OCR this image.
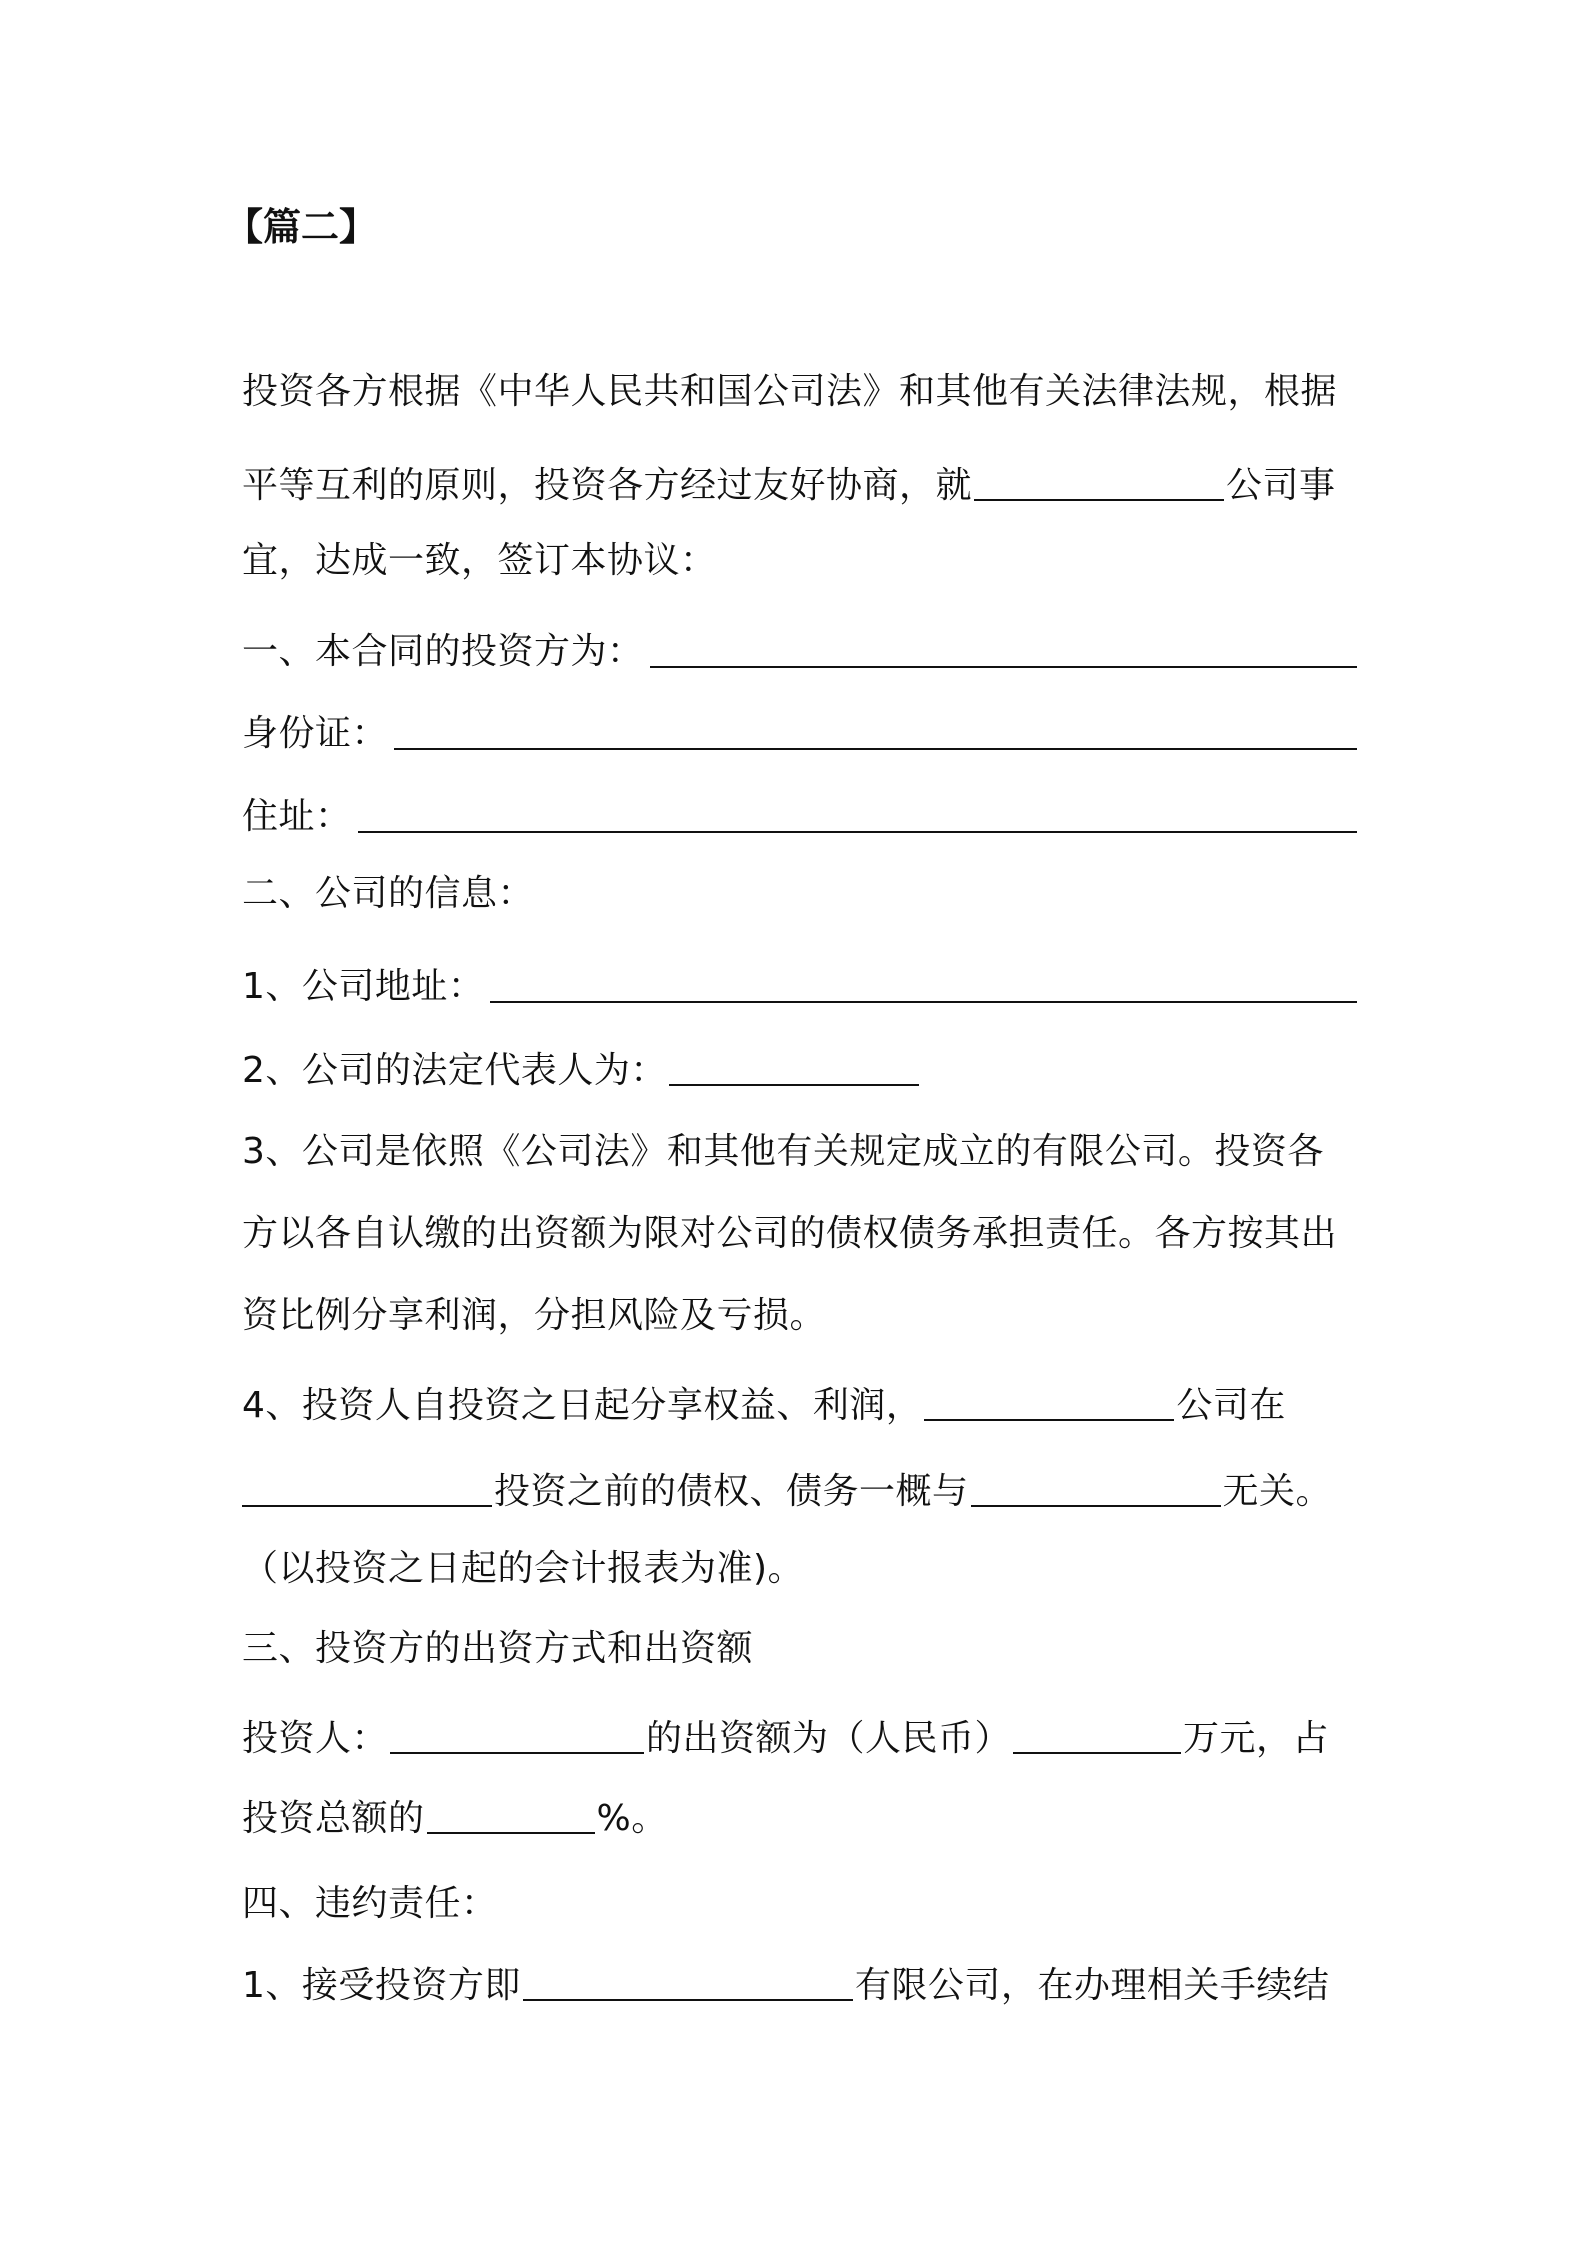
【篇二】
投资各方根据《中华人民共和国公司法》和其他有关法律法规，根据
平等互利的原则，投资各方经过友好协商，就	公司事
宜，达成一致，签订本协议：
一、本合同的投资方为：
身份证：
住址：
二、公司的信息：
1、公司地址：
2、公司的法定代表人为：
3、公司是依照《公司法》和其他有关规定成立的有限公司。投资各
方以各自认缴的出资额为限对公司的债权债务承担责任。各方按其出
资比例分享利润，分担风险及亏损。
4、投资人自投资之日起分享权益、利润，	公司在
投资之前的债权、债务一概与	无关。
（以投资之日起的会计报表为准)。
三、投资方的出资方式和出资额
投资人：	的出资额为（人民币）	万元，占
投资总额的	%。
四、违约责任：
1、接受投资方即	有限公司，在办理相关手续结
